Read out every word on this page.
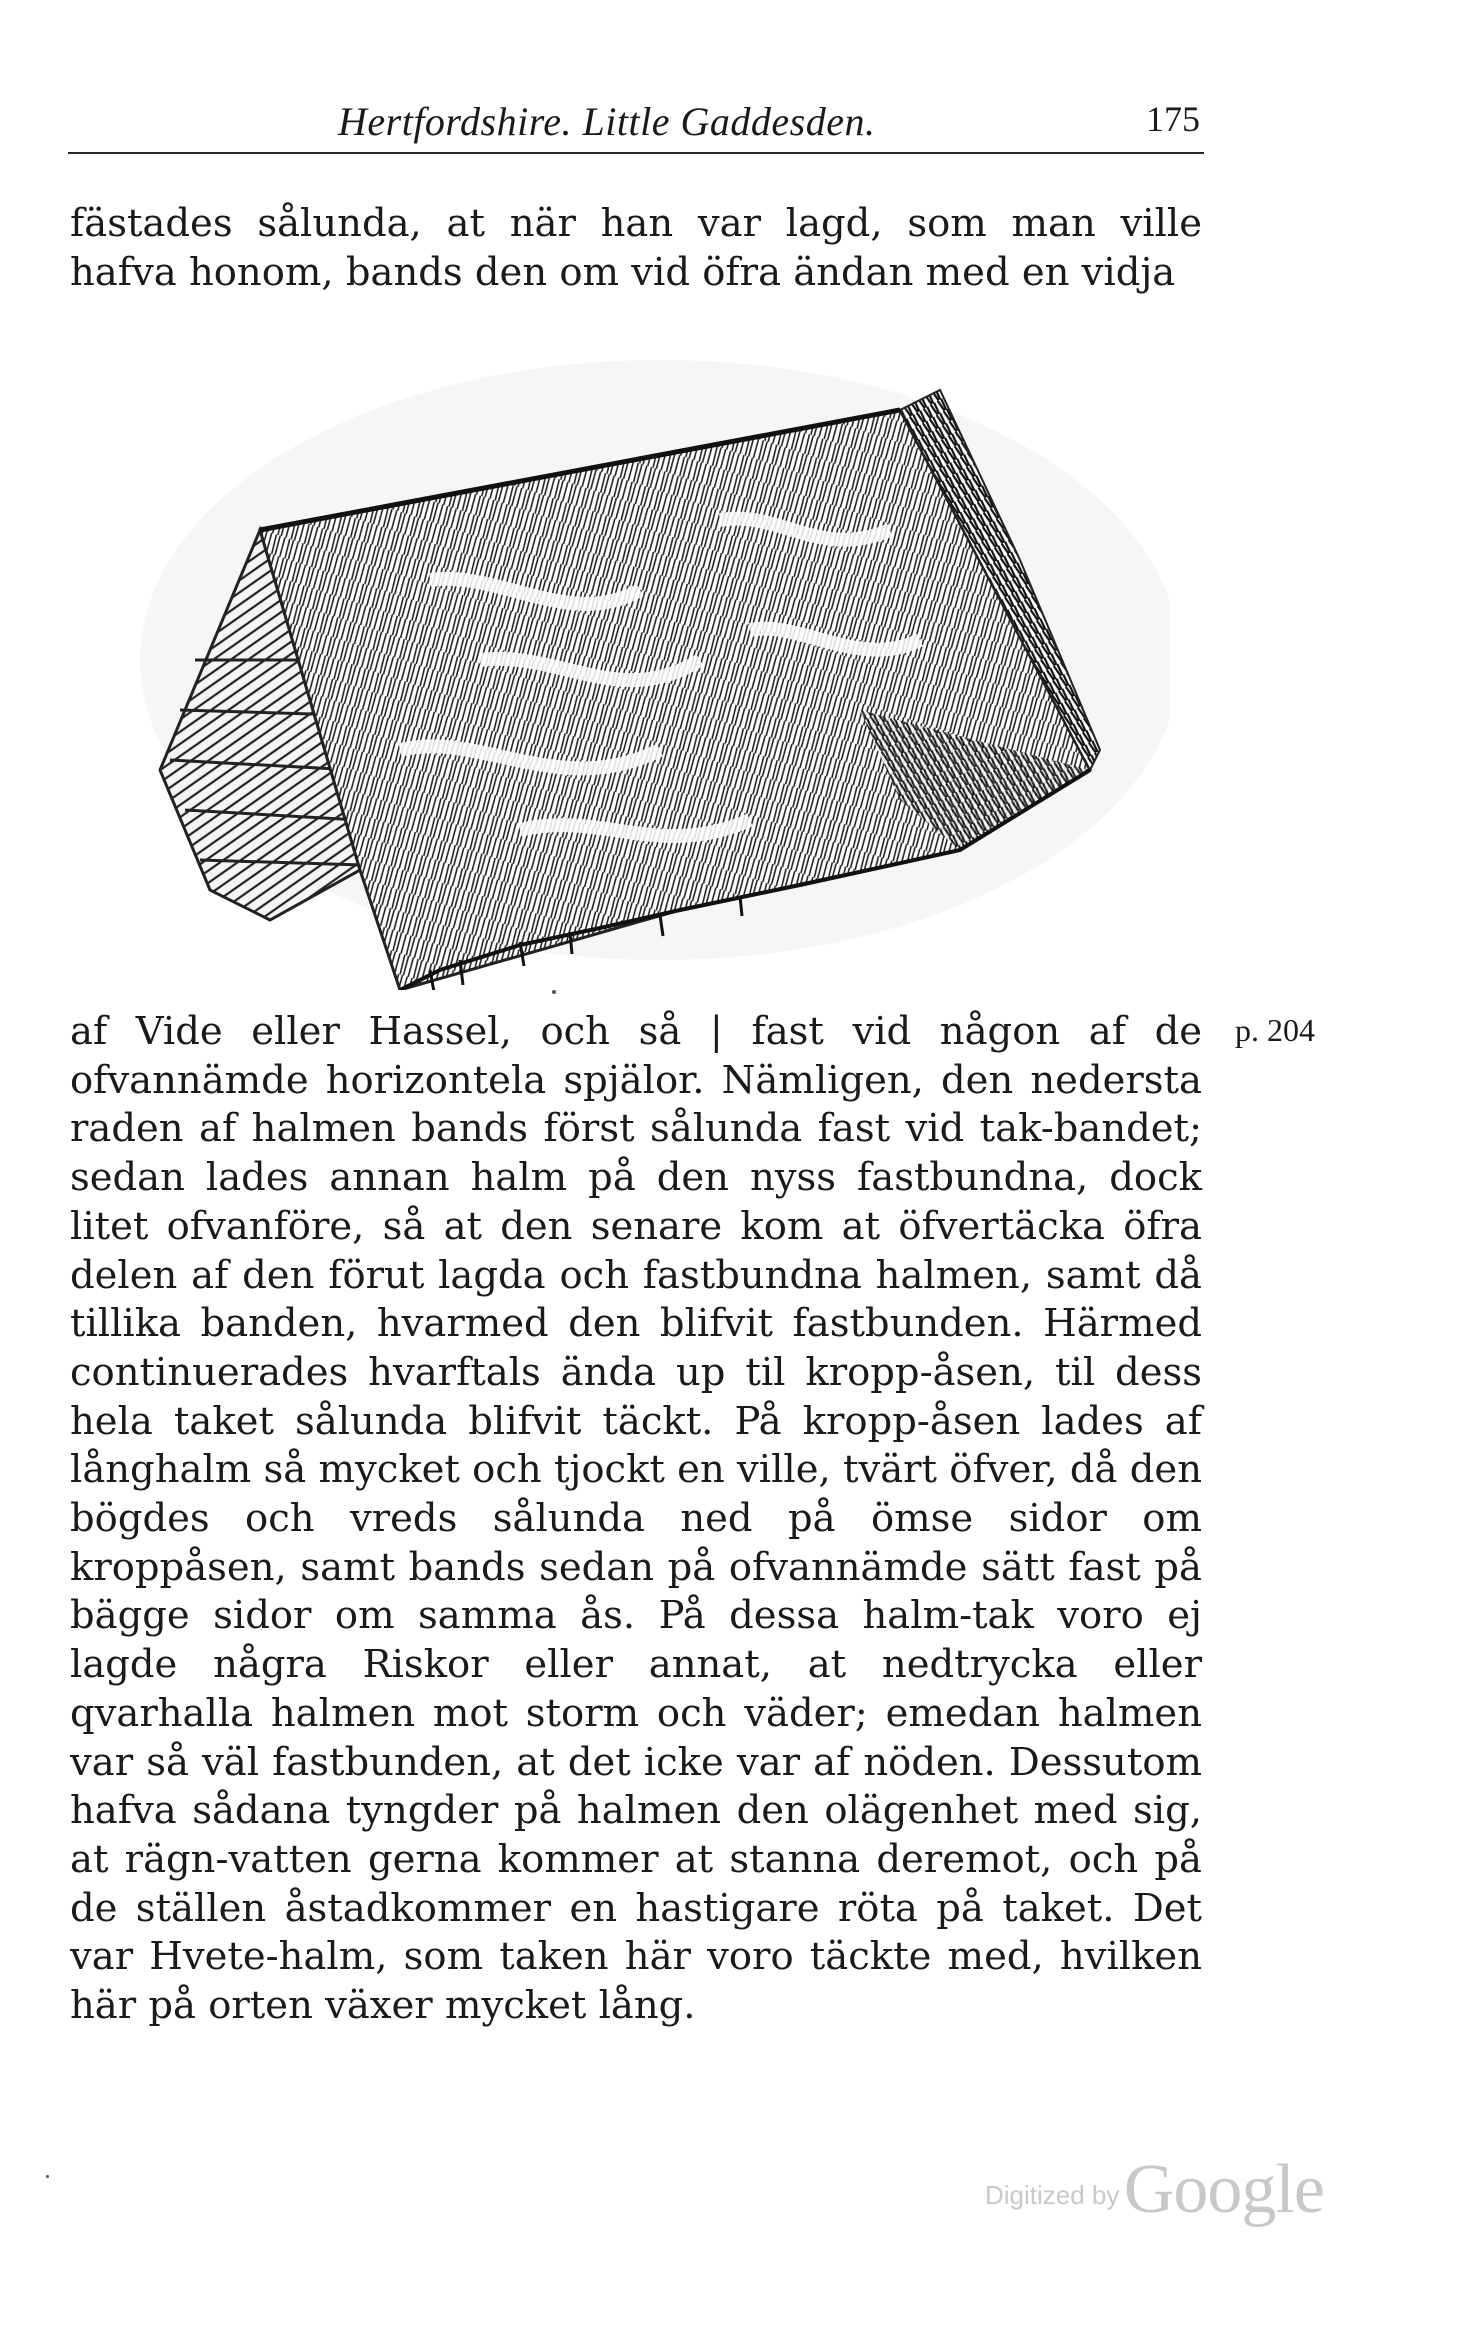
Hertfordshire. Little Gaddesden.	175

fästades sålunda, at när han var lagd, som man ville hafva honom, bands den om vid öfra ändan med en vidja

af Vide eller Hassel, och så | fast vid någon af de ofvannämde horizontela spjälor. Nämligen, den nedersta raden af halmen bands först sålunda fast vid tak-bandet; sedan lades annan halm på den nyss fastbundna, dock litet ofvanföre, så at den senare kom at öfvertäcka öfra delen af den förut lagda och fastbundna halmen, samt då tillika banden, hvarmed den blifvit fastbunden. Härmed continuerades hvarftals ända up til kropp-åsen, til dess hela taket sålunda blifvit täckt. På kropp-åsen lades af långhalm så mycket och tjockt en ville, tvärt öfver, då den bögdes och vreds sålunda ned på ömse sidor om kroppåsen, samt bands sedan på ofvannämde sätt fast på bägge sidor om samma ås. På dessa halm-tak voro ej lagde några Riskor eller annat, at nedtrycka eller qvarhalla halmen mot storm och väder; emedan halmen var så väl fastbunden, at det icke var af nöden. Dessutom hafva sådana tyngder på halmen den olägenhet med sig, at rägn-vatten gerna kommer at stanna deremot, och på de ställen åstadkommer en hastigare röta på taket. Det var Hvete-halm, som taken här voro täckte med, hvilken här på orten växer mycket lång.

p. 204
Digitized by Google
